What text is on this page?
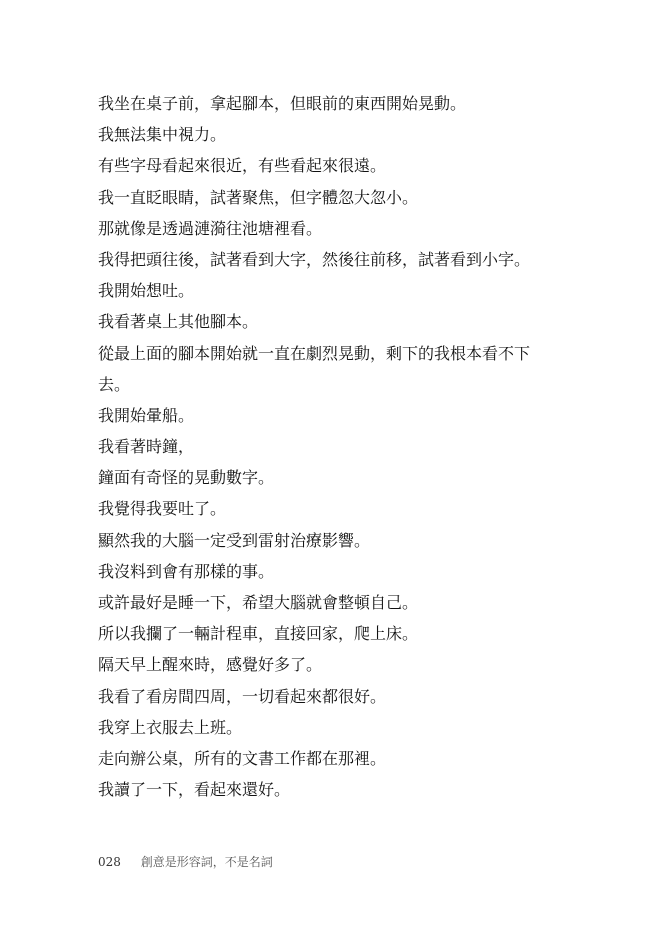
我坐在桌子前，拿起腳本，但眼前的東西開始晃動。

我無法集中視力。

有些字母看起來很近，有些看起來很遠。

我一直眨眼睛，試著聚焦，但字體忽大忽小。

那就像是透過漣漪往池塘裡看。

我得把頭往後，試著看到大字，然後往前移，試著看到小字。

我開始想吐。

我看著桌上其他腳本。

從最上面的腳本開始就一直在劇烈晃動，剩下的我根本看不下

去。

我開始暈船。

我看著時鐘，

鐘面有奇怪的晃動數字。

我覺得我要吐了。

顯然我的大腦一定受到雷射治療影響。

我沒料到會有那樣的事。

或許最好是睡一下，希望大腦就會整頓自己。

所以我攔了一輛計程車，直接回家，爬上床。

隔天早上醒來時，感覺好多了。

我看了看房間四周，一切看起來都很好。

我穿上衣服去上班。

走向辦公桌，所有的文書工作都在那裡。

我讀了一下，看起來還好。

028 創意是形容詞，不是名詞
